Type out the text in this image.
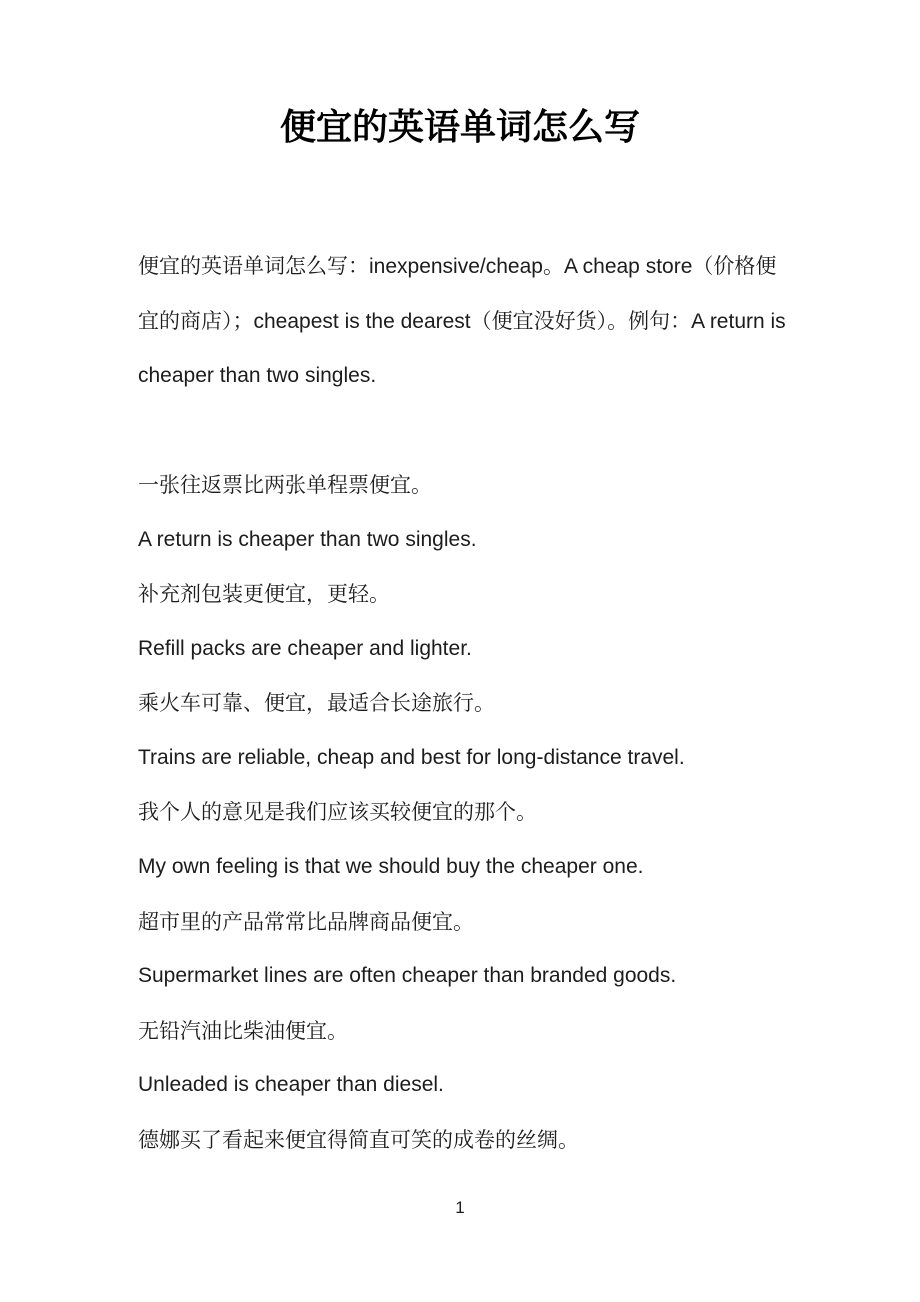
便宜的英语单词怎么写
便宜的英语单词怎么写：inexpensive/cheap。A cheap store（价格便
宜的商店）；cheapest is the dearest（便宜没好货）。例句：A return is
cheaper than two singles.
一张往返票比两张单程票便宜。
A return is cheaper than two singles.
补充剂包装更便宜，更轻。
Refill packs are cheaper and lighter.
乘火车可靠、便宜，最适合长途旅行。
Trains are reliable, cheap and best for long-distance travel.
我个人的意见是我们应该买较便宜的那个。
My own feeling is that we should buy the cheaper one.
超市里的产品常常比品牌商品便宜。
Supermarket lines are often cheaper than branded goods.
无铅汽油比柴油便宜。
Unleaded is cheaper than diesel.
德娜买了看起来便宜得简直可笑的成卷的丝绸。
1
